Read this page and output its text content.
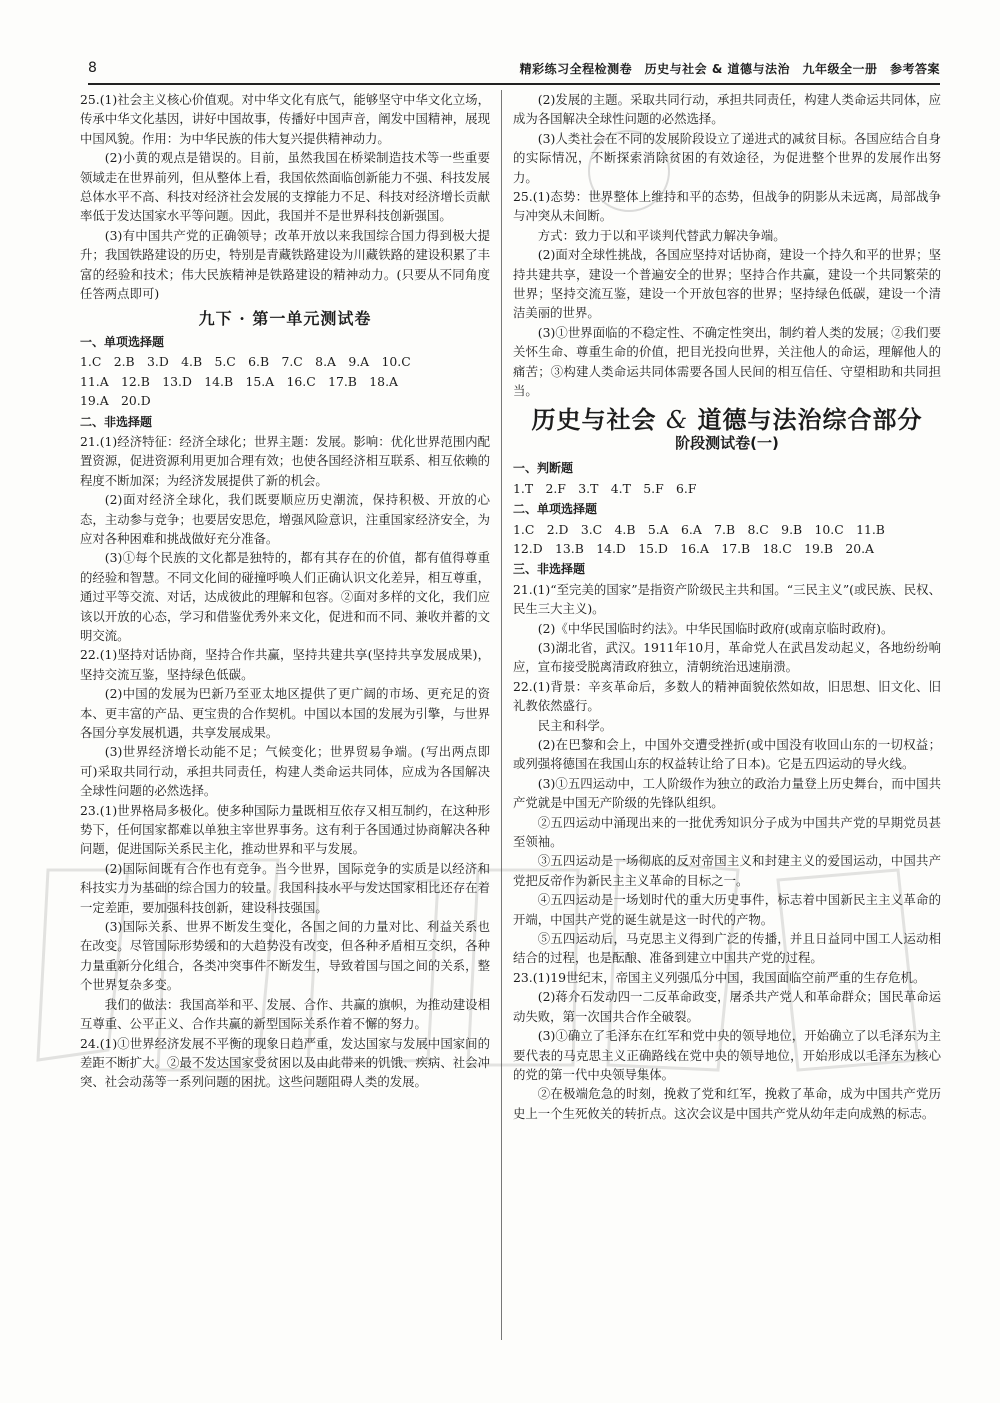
8	精彩练习全程检测卷　历史与社会 & 道德与法治　九年级全一册　参考答案

25.(1)社会主义核心价值观。对中华文化有底气，能够坚守中华文化立场，传承中华文化基因，讲好中国故事，传播好中国声音，阐发中国精神，展现中国风貌。作用：为中华民族的伟大复兴提供精神动力。

(2)小黄的观点是错误的。目前，虽然我国在桥梁制造技术等一些重要领域走在世界前列，但从整体上看，我国依然面临创新能力不强、科技发展总体水平不高、科技对经济社会发展的支撑能力不足、科技对经济增长贡献率低于发达国家水平等问题。因此，我国并不是世界科技创新强国。

(3)有中国共产党的正确领导；改革开放以来我国综合国力得到极大提升；我国铁路建设的历史，特别是青藏铁路建设为川藏铁路的建设积累了丰富的经验和技术；伟大民族精神是铁路建设的精神动力。(只要从不同角度任答两点即可)

九下 · 第一单元测试卷
一、单项选择题
1.C　2.B　3.D　4.B　5.C　6.B　7.C　8.A　9.A　10.C
11.A　12.B　13.D　14.B　15.A　16.C　17.B　18.A
19.A　20.D
二、非选择题

21.(1)经济特征：经济全球化；世界主题：发展。影响：优化世界范围内配置资源，促进资源利用更加合理有效；也使各国经济相互联系、相互依赖的程度不断加深；为经济发展提供了新的机会。

(2)面对经济全球化，我们既要顺应历史潮流，保持积极、开放的心态，主动参与竞争；也要居安思危，增强风险意识，注重国家经济安全，为应对各种困难和挑战做好充分准备。

(3)①每个民族的文化都是独特的，都有其存在的价值，都有值得尊重的经验和智慧。不同文化间的碰撞呼唤人们正确认识文化差异，相互尊重，通过平等交流、对话，达成彼此的理解和包容。②面对多样的文化，我们应该以开放的心态，学习和借鉴优秀外来文化，促进和而不同、兼收并蓄的文明交流。

22.(1)坚持对话协商，坚持合作共赢，坚持共建共享(坚持共享发展成果)，坚持交流互鉴，坚持绿色低碳。

(2)中国的发展为巴新乃至亚太地区提供了更广阔的市场、更充足的资本、更丰富的产品、更宝贵的合作契机。中国以本国的发展为引擎，与世界各国分享发展机遇，共享发展成果。

(3)世界经济增长动能不足；气候变化；世界贸易争端。(写出两点即可)采取共同行动，承担共同责任，构建人类命运共同体，应成为各国解决全球性问题的必然选择。

23.(1)世界格局多极化。使多种国际力量既相互依存又相互制约，在这种形势下，任何国家都难以单独主宰世界事务。这有利于各国通过协商解决各种问题，促进国际关系民主化，推动世界和平与发展。

(2)国际间既有合作也有竞争。当今世界，国际竞争的实质是以经济和科技实力为基础的综合国力的较量。我国科技水平与发达国家相比还存在着一定差距，要加强科技创新，建设科技强国。

(3)国际关系、世界不断发生变化，各国之间的力量对比、利益关系也在改变。尽管国际形势缓和的大趋势没有改变，但各种矛盾相互交织，各种力量重新分化组合，各类冲突事件不断发生，导致着国与国之间的关系，整个世界复杂多变。

我们的做法：我国高举和平、发展、合作、共赢的旗帜，为推动建设相互尊重、公平正义、合作共赢的新型国际关系作着不懈的努力。

24.(1)①世界经济发展不平衡的现象日趋严重，发达国家与发展中国家间的差距不断扩大。②最不发达国家受贫困以及由此带来的饥饿、疾病、社会冲突、社会动荡等一系列问题的困扰。这些问题阻碍人类的发展。

(2)发展的主题。采取共同行动，承担共同责任，构建人类命运共同体，应成为各国解决全球性问题的必然选择。

(3)人类社会在不同的发展阶段设立了递进式的减贫目标。各国应结合自身的实际情况，不断探索消除贫困的有效途径，为促进整个世界的发展作出努力。

25.(1)态势：世界整体上维持和平的态势，但战争的阴影从未远离，局部战争与冲突从未间断。

方式：致力于以和平谈判代替武力解决争端。

(2)面对全球性挑战，各国应坚持对话协商，建设一个持久和平的世界；坚持共建共享，建设一个普遍安全的世界；坚持合作共赢，建设一个共同繁荣的世界；坚持交流互鉴，建设一个开放包容的世界；坚持绿色低碳，建设一个清洁美丽的世界。

(3)①世界面临的不稳定性、不确定性突出，制约着人类的发展；②我们要关怀生命、尊重生命的价值，把目光投向世界，关注他人的命运，理解他人的痛苦；③构建人类命运共同体需要各国人民间的相互信任、守望相助和共同担当。

历史与社会 & 道德与法治综合部分
阶段测试卷(一)
一、判断题
1.T　2.F　3.T　4.T　5.F　6.F
二、单项选择题
1.C　2.D　3.C　4.B　5.A　6.A　7.B　8.C　9.B　10.C　11.B
12.D　13.B　14.D　15.D　16.A　17.B　18.C　19.B　20.A
三、非选择题

21.(1)“至完美的国家”是指资产阶级民主共和国。“三民主义”(或民族、民权、民生三大主义)。

(2)《中华民国临时约法》。中华民国临时政府(或南京临时政府)。

(3)湖北省，武汉。1911年10月，革命党人在武昌发动起义，各地纷纷响应，宣布接受脱离清政府独立，清朝统治迅速崩溃。

22.(1)背景：辛亥革命后，多数人的精神面貌依然如故，旧思想、旧文化、旧礼教依然盛行。

民主和科学。

(2)在巴黎和会上，中国外交遭受挫折(或中国没有收回山东的一切权益；或列强将德国在我国山东的权益转让给了日本)。它是五四运动的导火线。

(3)①五四运动中，工人阶级作为独立的政治力量登上历史舞台，而中国共产党就是中国无产阶级的先锋队组织。

②五四运动中涌现出来的一批优秀知识分子成为中国共产党的早期党员甚至领袖。

③五四运动是一场彻底的反对帝国主义和封建主义的爱国运动，中国共产党把反帝作为新民主主义革命的目标之一。

④五四运动是一场划时代的重大历史事件，标志着中国新民主主义革命的开端，中国共产党的诞生就是这一时代的产物。

⑤五四运动后，马克思主义得到广泛的传播，并且日益同中国工人运动相结合的过程，也是酝酿、准备到建立中国共产党的过程。

23.(1)19世纪末，帝国主义列强瓜分中国，我国面临空前严重的生存危机。

(2)蒋介石发动四一二反革命政变，屠杀共产党人和革命群众；国民革命运动失败，第一次国共合作全破裂。

(3)①确立了毛泽东在红军和党中央的领导地位，开始确立了以毛泽东为主要代表的马克思主义正确路线在党中央的领导地位，开始形成以毛泽东为核心的党的第一代中央领导集体。

②在极端危急的时刻，挽救了党和红军，挽救了革命，成为中国共产党历史上一个生死攸关的转折点。这次会议是中国共产党从幼年走向成熟的标志。
